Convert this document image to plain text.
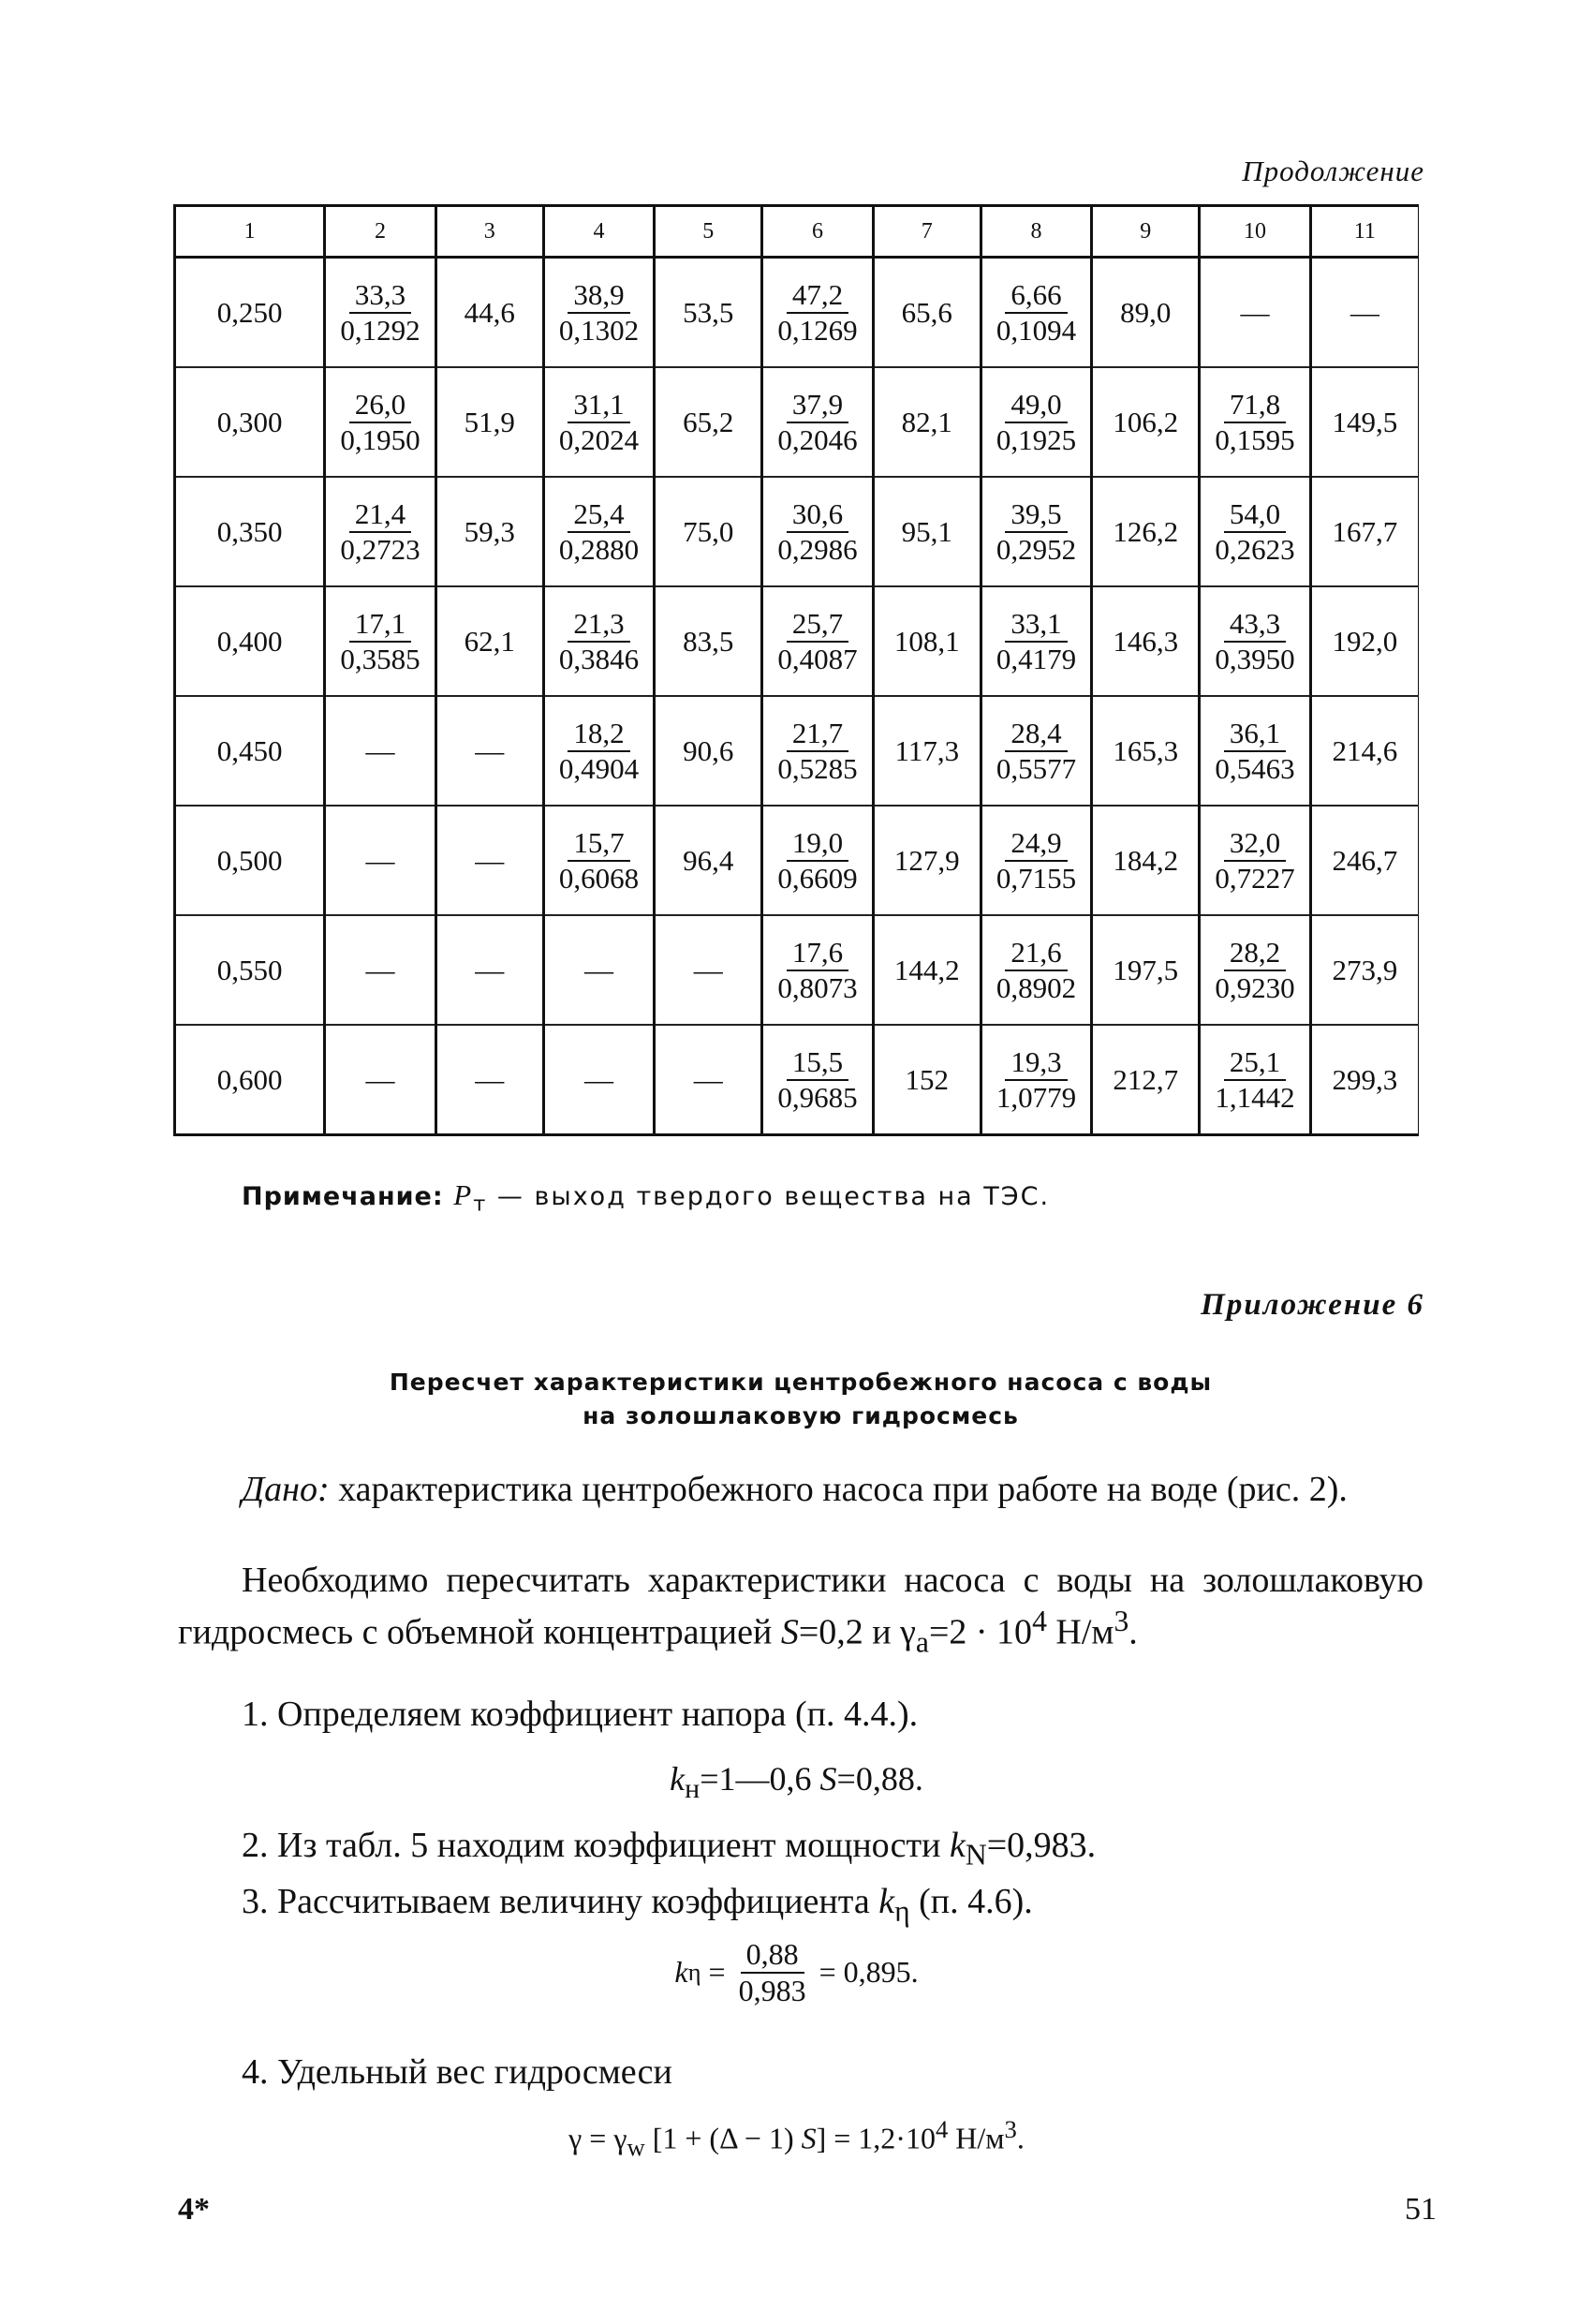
Продолжение
1	2	3	4	5	6	7	8	9	10	11
0,250	$\frac{33,3}{0,1292}$	44,6	$\frac{38,9}{0,1302}$	53,5	$\frac{47,2}{0,1269}$	65,6	$\frac{6,66}{0,1094}$	89,0	—	—
0,300	$\frac{26,0}{0,1950}$	51,9	$\frac{31,1}{0,2024}$	65,2	$\frac{37,9}{0,2046}$	82,1	$\frac{49,0}{0,1925}$	106,2	$\frac{71,8}{0,1595}$	149,5
0,350	$\frac{21,4}{0,2723}$	59,3	$\frac{25,4}{0,2880}$	75,0	$\frac{30,6}{0,2986}$	95,1	$\frac{39,5}{0,2952}$	126,2	$\frac{54,0}{0,2623}$	167,7
0,400	$\frac{17,1}{0,3585}$	62,1	$\frac{21,3}{0,3846}$	83,5	$\frac{25,7}{0,4087}$	108,1	$\frac{33,1}{0,4179}$	146,3	$\frac{43,3}{0,3950}$	192,0
0,450	—	—	$\frac{18,2}{0,4904}$	90,6	$\frac{21,7}{0,5285}$	117,3	$\frac{28,4}{0,5577}$	165,3	$\frac{36,1}{0,5463}$	214,6
0,500	—	—	$\frac{15,7}{0,6068}$	96,4	$\frac{19,0}{0,6609}$	127,9	$\frac{24,9}{0,7155}$	184,2	$\frac{32,0}{0,7227}$	246,7
0,550	—	—	—	—	$\frac{17,6}{0,8073}$	144,2	$\frac{21,6}{0,8902}$	197,5	$\frac{28,2}{0,9230}$	273,9
0,600	—	—	—	—	$\frac{15,5}{0,9685}$	152	$\frac{19,3}{1,0779}$	212,7	$\frac{25,1}{1,1442}$	299,3
Примечание: $P_т$ — выход твердого вещества на ТЭС.
Приложение 6
Пересчет характеристики центробежного насоса с воды
на золошлаковую гидросмесь

Дано: характеристика центробежного насоса при работе на воде (рис. 2).

Необходимо пересчитать характеристики насоса с воды на золошлаковую гидросмесь с объемной концентрацией S=0,2 и $\gamma_а=2 \cdot 10^4$ $Н/м^3$.

1. Определяем коэффициент напора (п. 4.4.).

$k_н=1—0,6$ S=0,88.

2. Из табл. 5 находим коэффициент мощности $k_N=0,983$.

3. Рассчитываем величину коэффициента $k_\eta$ (п. 4.6).

k $\eta = \frac{0,88}{0,983} = 0,895$.

4. Удельный вес гидросмеси

$\gamma = \gamma_w$ [1 + (Δ − 1) $S] = 1,2\cdot 10^4$ $Н/м^3$.
4*	51
